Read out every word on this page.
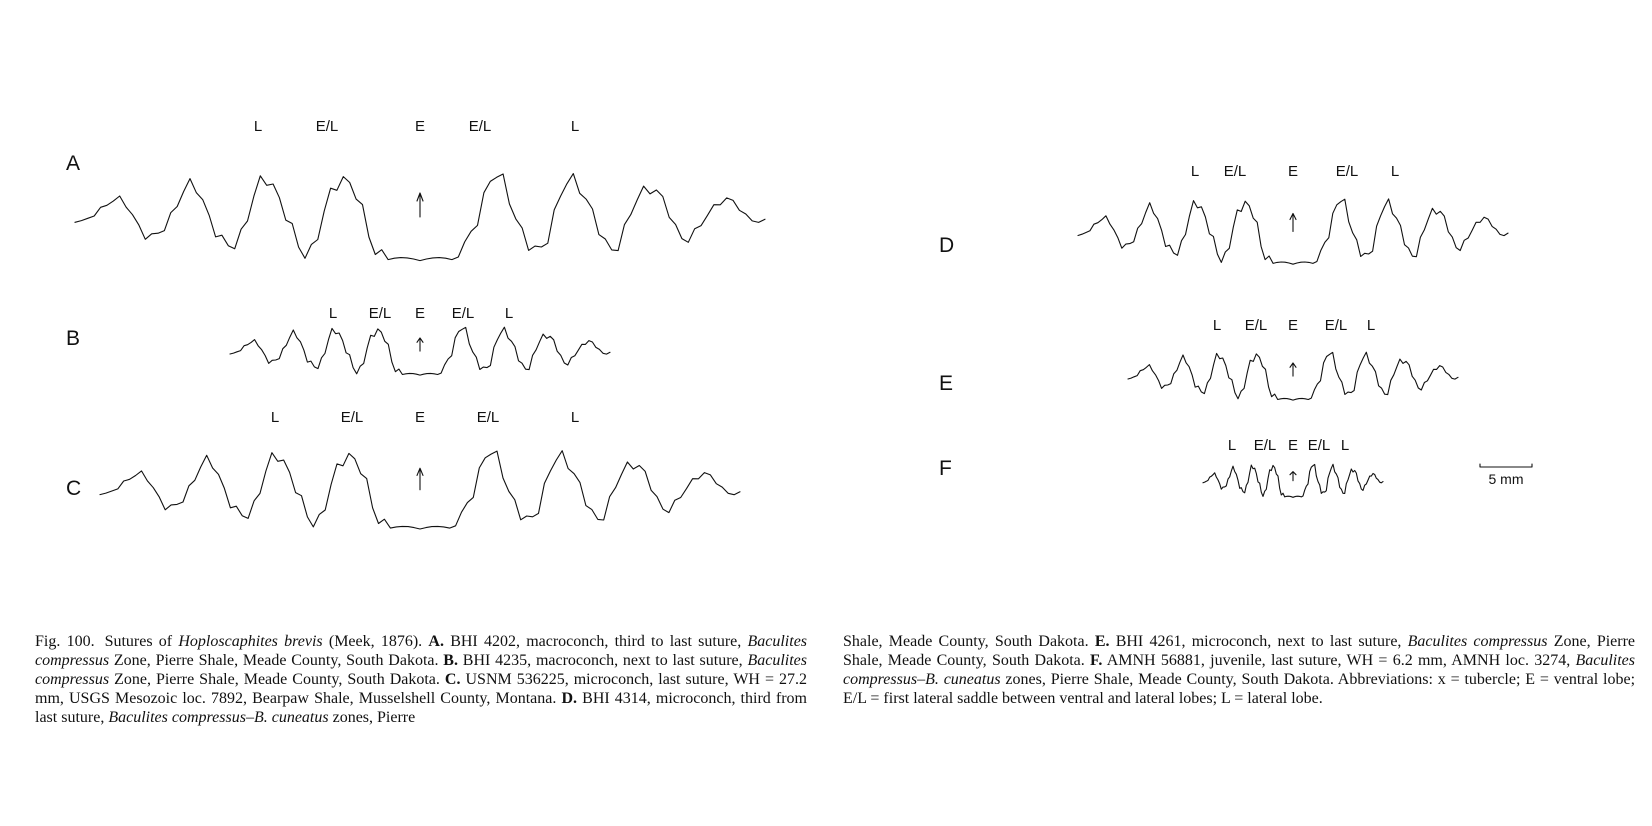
A
L	E/L	E	E/L	L
B
L E/L E E/L L
C
L	E/L	E	E/L	L
D
L E/L	E	E/L L
E
L E/L E E/L L
F
L E/L E E/L L
5 mm
Fig. 100. Sutures of Hoploscaphites brevis (Meek, 1876). A. BHI 4202, macroconch, third to last suture, Baculites compressus Zone, Pierre Shale, Meade County, South Dakota. B. BHI 4235, macroconch, next to last suture, Baculites compressus Zone, Pierre Shale, Meade County, South Dakota. C. USNM 536225, microconch, last suture, WH = 27.2 mm, USGS Mesozoic loc. 7892, Bearpaw Shale, Musselshell County, Montana. D. BHI 4314, microconch, third from last suture, Baculites compressus–B. cuneatus zones, Pierre
Shale, Meade County, South Dakota. E. BHI 4261, microconch, next to last suture, Baculites compressus Zone, Pierre Shale, Meade County, South Dakota. F. AMNH 56881, juvenile, last suture, WH = 6.2 mm, AMNH loc. 3274, Baculites compressus–B. cuneatus zones, Pierre Shale, Meade County, South Dakota. Abbreviations: x = tubercle; E = ventral lobe; E/L = first lateral saddle between ventral and lateral lobes; L = lateral lobe.
